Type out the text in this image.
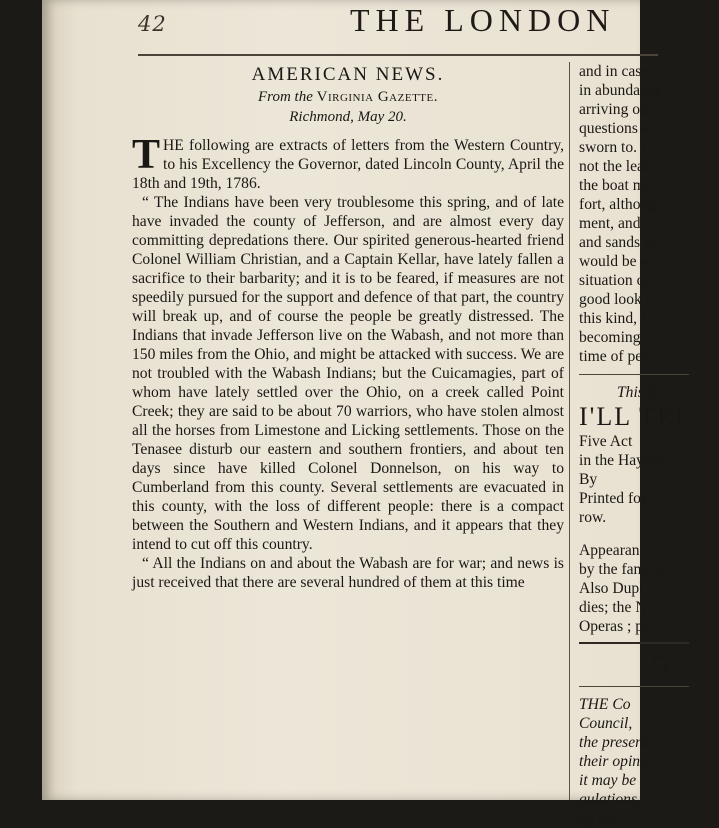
42	THE LONDON
AMERICAN NEWS.
From the Virginia Gazette.
Richmond, May 20.

THE following are extracts of letters from the Western Country, to his Excellency the Governor, dated Lincoln County, April the 18th and 19th, 1786.

“ The Indians have been very troublesome this spring, and of late have invaded the county of Jefferson, and are almost every day committing depredations there. Our spirited generous-hearted friend Colonel William Christian, and a Captain Kellar, have lately fallen a sacrifice to their barbarity; and it is to be feared, if measures are not speedily pursued for the support and defence of that part, the country will break up, and of course the people be greatly distressed. The Indians that invade Jefferson live on the Wabash, and not more than 150 miles from the Ohio, and might be attacked with success. We are not troubled with the Wabash Indians; but the Cuicamagies, part of whom have lately settled over the Ohio, on a creek called Point Creek; they are said to be about 70 warriors, who have stolen almost all the horses from Limestone and Licking settlements. Those on the Tenasee disturb our eastern and southern frontiers, and about ten days since have killed Colonel Donnelson, on his way to Cumberland from this county. Several settlements are evacuated in this county, with the loss of different people: there is a compact between the Southern and Western Indians, and it appears that they intend to cut off this country.

“ All the Indians on and about the Wabash are for war; and news is just received that there are several hundred of them at this time

and in case o
in abundance
arriving on t
questions are
sworn to. I
not the leaf
the boat mu
fort, althoug
ment, and y
and sands w
would be w
situation of t
good look c
this kind, I
becoming a
time of peac
This D
I'LL TEL
Five Act
in the Hayma
By
Printed for
row.
Appearanc
by the fame A
Also Dupl
dies; the N
Operas ; pri
G
THE Co
Council,
the present
their opinio
it may be c
gulations,
by the ...
